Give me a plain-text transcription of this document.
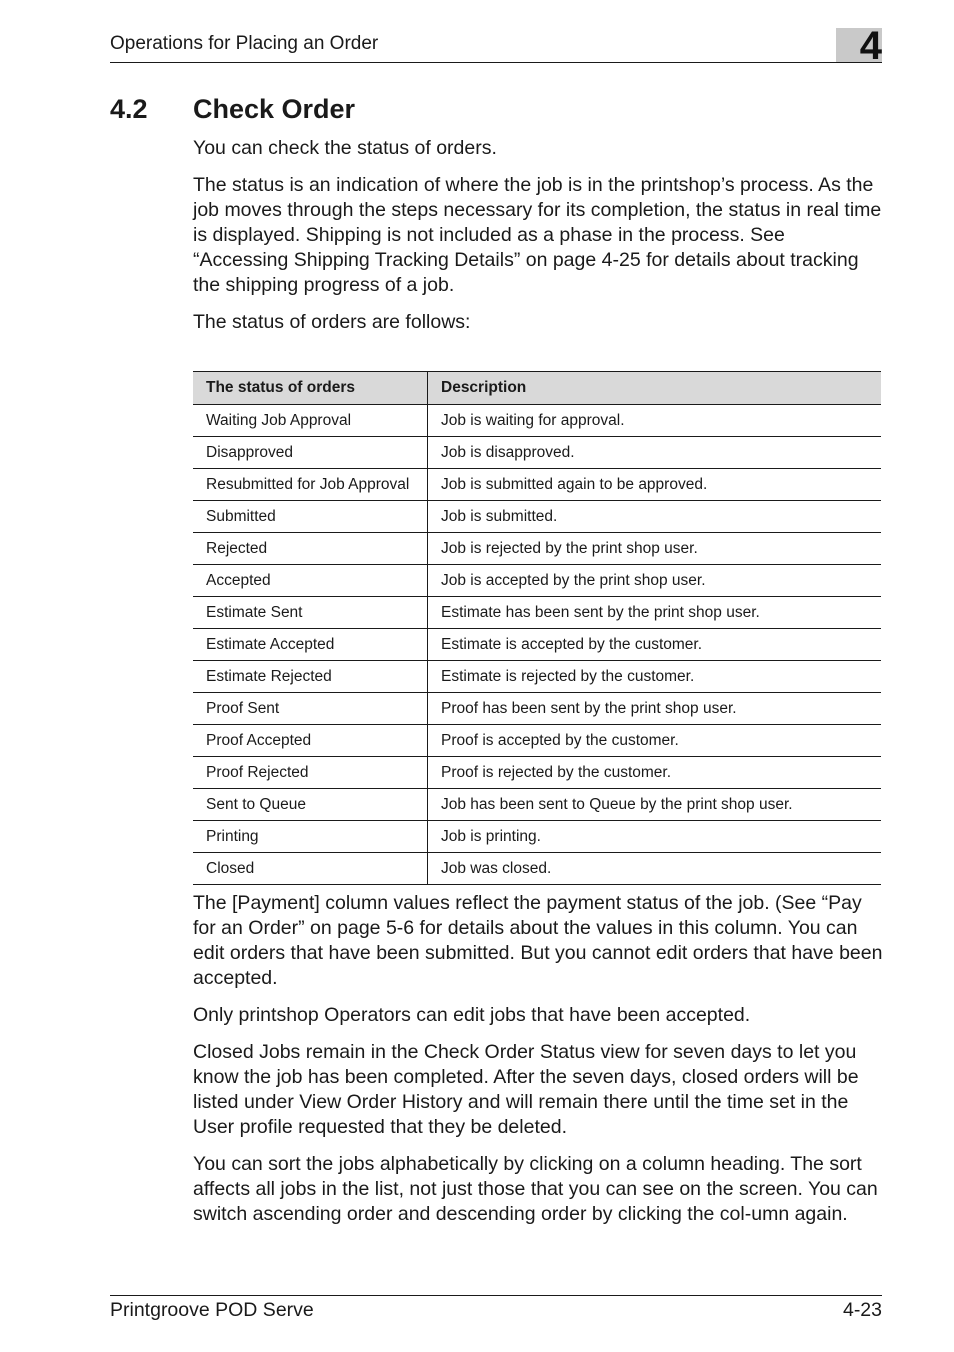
Operations for Placing an Order	4
4.2 Check Order

You can check the status of orders.

The status is an indication of where the job is in the printshop’s process. As the job moves through the steps necessary for its completion, the status in real time is displayed. Shipping is not included as a phase in the process. See “Accessing Shipping Tracking Details” on page 4-25 for details about tracking the shipping progress of a job.

The status of orders are follows:

The status of orders	Description
Waiting Job Approval	Job is waiting for approval.
Disapproved	Job is disapproved.
Resubmitted for Job Approval	Job is submitted again to be approved.
Submitted	Job is submitted.
Rejected	Job is rejected by the print shop user.
Accepted	Job is accepted by the print shop user.
Estimate Sent	Estimate has been sent by the print shop user.
Estimate Accepted	Estimate is accepted by the customer.
Estimate Rejected	Estimate is rejected by the customer.
Proof Sent	Proof has been sent by the print shop user.
Proof Accepted	Proof is accepted by the customer.
Proof Rejected	Proof is rejected by the customer.
Sent to Queue	Job has been sent to Queue by the print shop user.
Printing	Job is printing.
Closed	Job was closed.

The [Payment] column values reflect the payment status of the job. (See “Pay for an Order” on page 5-6 for details about the values in this column. You can edit orders that have been submitted. But you cannot edit orders that have been accepted.

Only printshop Operators can edit jobs that have been accepted.

Closed Jobs remain in the Check Order Status view for seven days to let you know the job has been completed. After the seven days, closed orders will be listed under View Order History and will remain there until the time set in the User profile requested that they be deleted.

You can sort the jobs alphabetically by clicking on a column heading. The sort affects all jobs in the list, not just those that you can see on the screen. You can switch ascending order and descending order by clicking the col-umn again.

Printgroove POD Serve	4-23
